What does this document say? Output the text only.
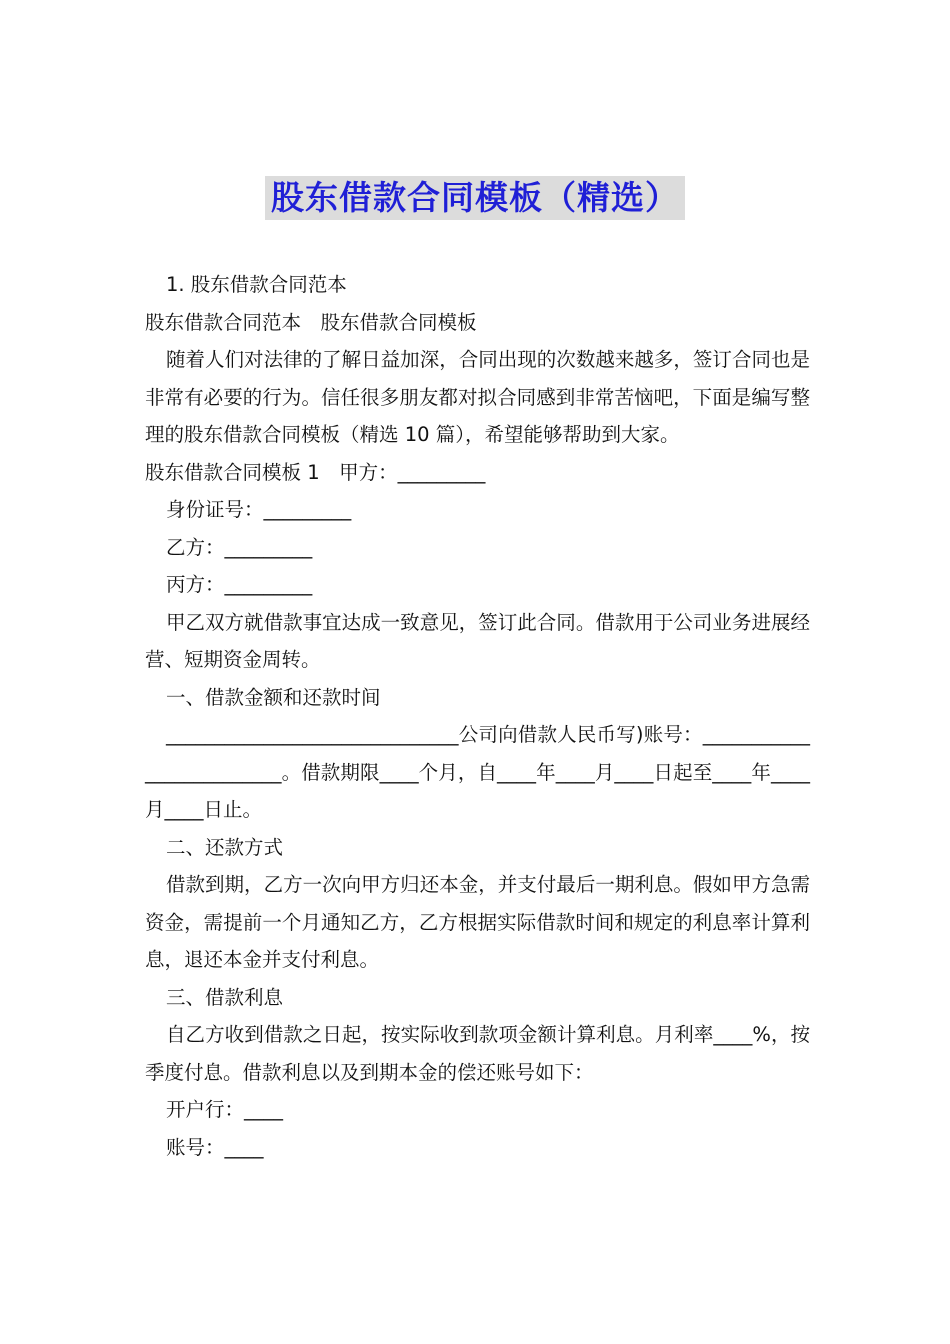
股东借款合同模板（精选）

1. 股东借款合同范本

股东借款合同范本　股东借款合同模板

随着人们对法律的了解日益加深，合同出现的次数越来越多，签订合同也是非常有必要的行为。信任很多朋友都对拟合同感到非常苦恼吧，下面是编写整理的股东借款合同模板（精选 10 篇），希望能够帮助到大家。

股东借款合同模板 1　甲方：_________

身份证号：_________

乙方：_________

丙方：_________

甲乙双方就借款事宜达成一致意见，签订此合同。借款用于公司业务进展经营、短期资金周转。

一、借款金额和还款时间

______________________________公司向借款人民币写)账号：_________________________。借款期限____个月，自____年____月____日起至____年____月____日止。

二、还款方式

借款到期，乙方一次向甲方归还本金，并支付最后一期利息。假如甲方急需资金，需提前一个月通知乙方，乙方根据实际借款时间和规定的利息率计算利息，退还本金并支付利息。

三、借款利息

自乙方收到借款之日起，按实际收到款项金额计算利息。月利率____%，按季度付息。借款利息以及到期本金的偿还账号如下：

开户行：____

账号：____
